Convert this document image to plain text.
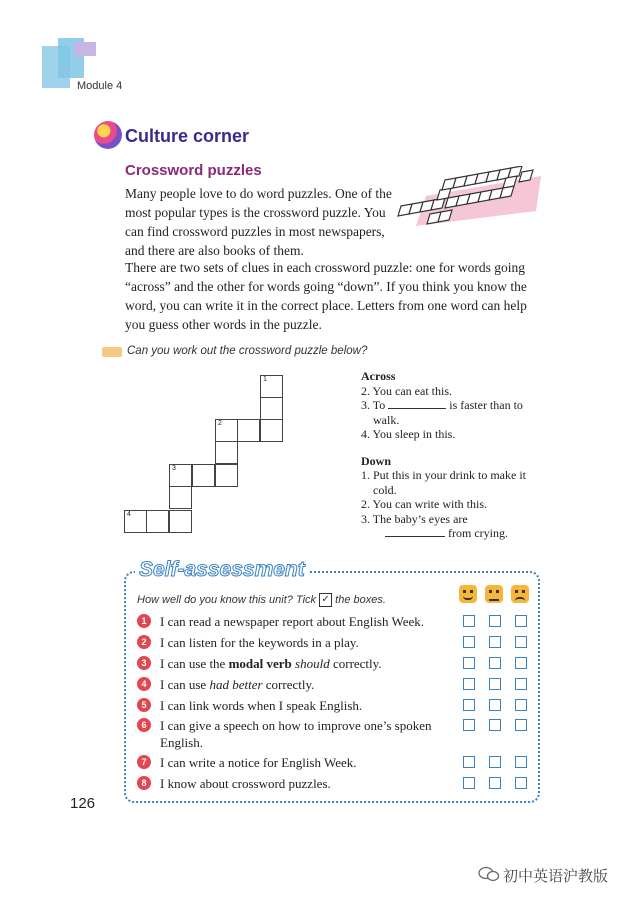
Module 4
Culture corner
Crossword puzzles
Many people love to do word puzzles. One of the most popular types is the crossword puzzle. You can find crossword puzzles in most newspapers, and there are also books of them.
There are two sets of clues in each crossword puzzle: one for words going “across” and the other for words going “down”. If you think you know the word, you can write it in the correct place. Letters from one word can help you guess other words in the puzzle.
Can you work out the crossword puzzle below?
1
2
3
4
Across
2. You can eat this.
3. To	is faster than to walk.
4. You sleep in this.
Down
1. Put this in your drink to make it cold.
2. You can write with this.
3. The baby’s eyes are
from crying.
Self-assessment
How well do you know this unit? Tick ✓ the boxes.
1	I can read a newspaper report about English Week.
2	I can listen for the keywords in a play.
3	I can use the modal verb should correctly.
4	I can use had better correctly.
5	I can link words when I speak English.
6	I can give a speech on how to improve one’s spoken English.
7	I can write a notice for English Week.
8	I know about crossword puzzles.
126
初中英语沪教版
